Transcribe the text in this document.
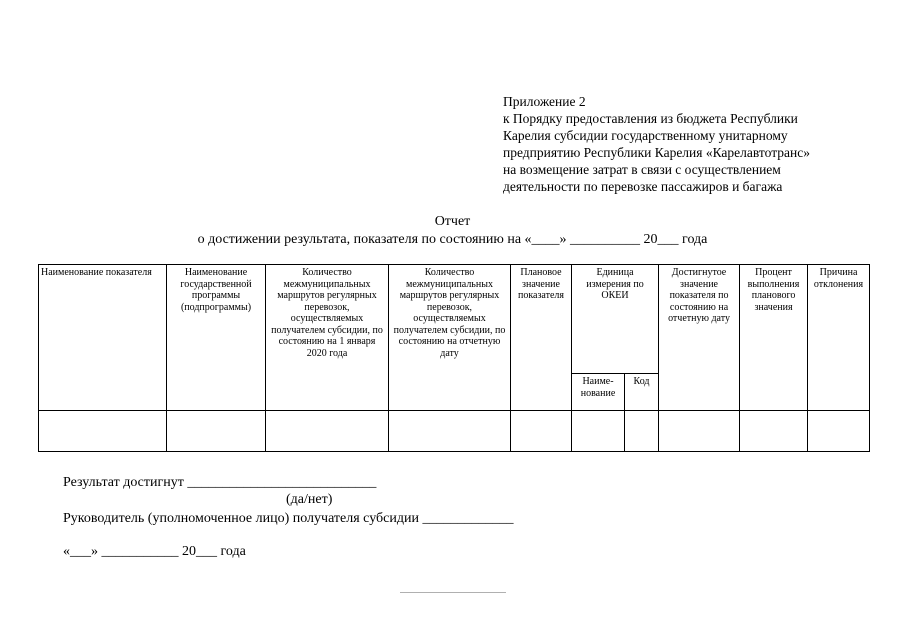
Приложение 2
к Порядку предоставления из бюджета Республики
Карелия субсидии государственному унитарному
предприятию Республики Карелия «Карелавтотранс»
на возмещение затрат в связи с осуществлением
деятельности по перевозке пассажиров и багажа
Отчет
о достижении результата, показателя по состоянию на «____» __________ 20___ года
Наименование показателя	Наименование государственной программы (подпрограммы)	Количество межмуниципальных маршрутов регулярных перевозок, осуществляемых получателем субсидии, по состоянию на 1 января 2020 года	Количество межмуниципальных маршрутов регулярных перевозок, осуществляемых получателем субсидии, по состоянию на отчетную дату	Плановое значение показателя	Единица измерения по ОКЕИ		Достигнутое значение показателя по состоянию на отчетную дату	Процент выполнения планового значения	Причина отклонения
					Наиме-нование	Код			

Результат достигнут ___________________________
(да/нет)
Руководитель (уполномоченное лицо) получателя субсидии _____________
«___» ___________ 20___ года
